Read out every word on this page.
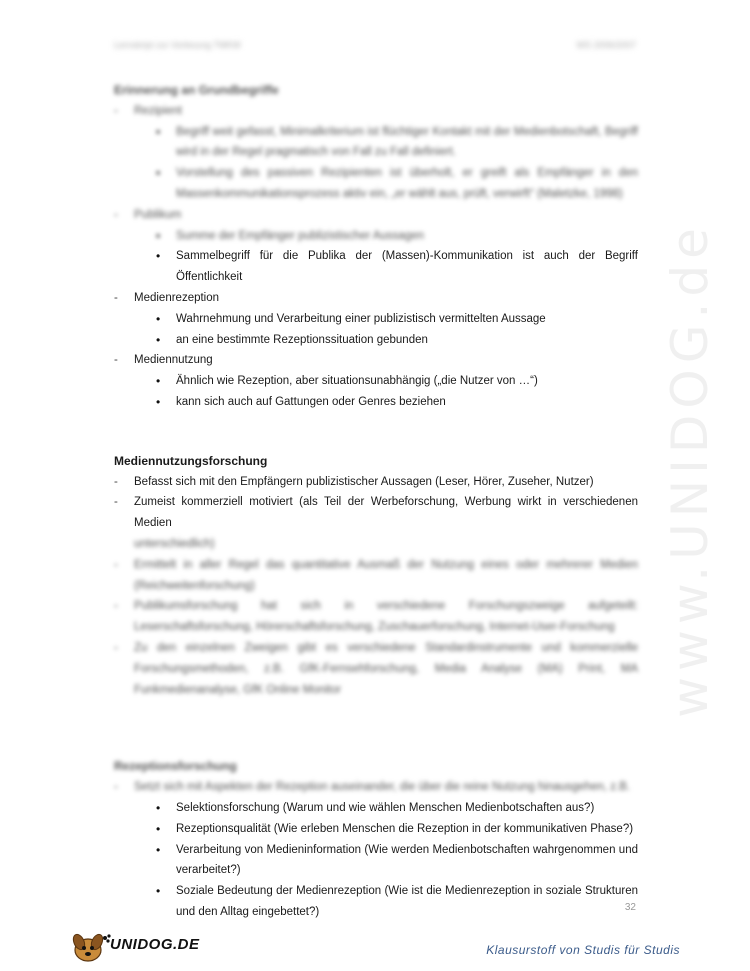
Lernskript zur Vorlesung TMKW	WS 2006/2007
www.UNIDOG.de

Erinnerung an Grundbegriffe

- Rezipient
• Begriff weit gefasst, Minimalkriterium ist flüchtiger Kontakt mit der Medienbotschaft, Begriff wird in der Regel pragmatisch von Fall zu Fall definiert.
• Vorstellung des passiven Rezipienten ist überholt, er greift als Empfänger in den Massenkommunikationsprozess aktiv ein, „er wählt aus, prüft, verwirft“ (Maletzke, 1998)
- Publikum
• Summe der Empfänger publizistischer Aussagen
• Sammelbegriff für die Publika der (Massen)-Kommunikation ist auch der Begriff Öffentlichkeit
- Medienrezeption
• Wahrnehmung und Verarbeitung einer publizistisch vermittelten Aussage
• an eine bestimmte Rezeptionssituation gebunden
- Mediennutzung
• Ähnlich wie Rezeption, aber situationsunabhängig („die Nutzer von …“)
• kann sich auch auf Gattungen oder Genres beziehen

Mediennutzungsforschung

- Befasst sich mit den Empfängern publizistischer Aussagen (Leser, Hörer, Zuseher, Nutzer)
- Zumeist kommerziell motiviert (als Teil der Werbeforschung, Werbung wirkt in verschiedenen Medien
unterschiedlich)
- Ermittelt in aller Regel das quantitative Ausmaß der Nutzung eines oder mehrerer Medien (Reichweitenforschung)
- Publikumsforschung hat sich in verschiedene Forschungszweige aufgeteilt: Leserschaftsforschung, Hörerschaftsforschung, Zuschauerforschung, Internet-User-Forschung
- Zu den einzelnen Zweigen gibt es verschiedene Standardinstrumente und kommerzielle Forschungsmethoden, z.B. GfK-Fernsehforschung, Media Analyse (MA) Print, MA Funkmedienanalyse, GfK Online Monitor

Rezeptionsforschung

- Setzt sich mit Aspekten der Rezeption auseinander, die über die reine Nutzung hinausgehen, z.B.
• Selektionsforschung (Warum und wie wählen Menschen Medienbotschaften aus?)
• Rezeptionsqualität (Wie erleben Menschen die Rezeption in der kommunikativen Phase?)
• Verarbeitung von Medieninformation (Wie werden Medienbotschaften wahrgenommen und verarbeitet?)
• Soziale Bedeutung der Medienrezeption (Wie ist die Medienrezeption in soziale Strukturen und den Alltag eingebettet?)	32
UNIDOG.DE	Klausurstoff von Studis für Studis
